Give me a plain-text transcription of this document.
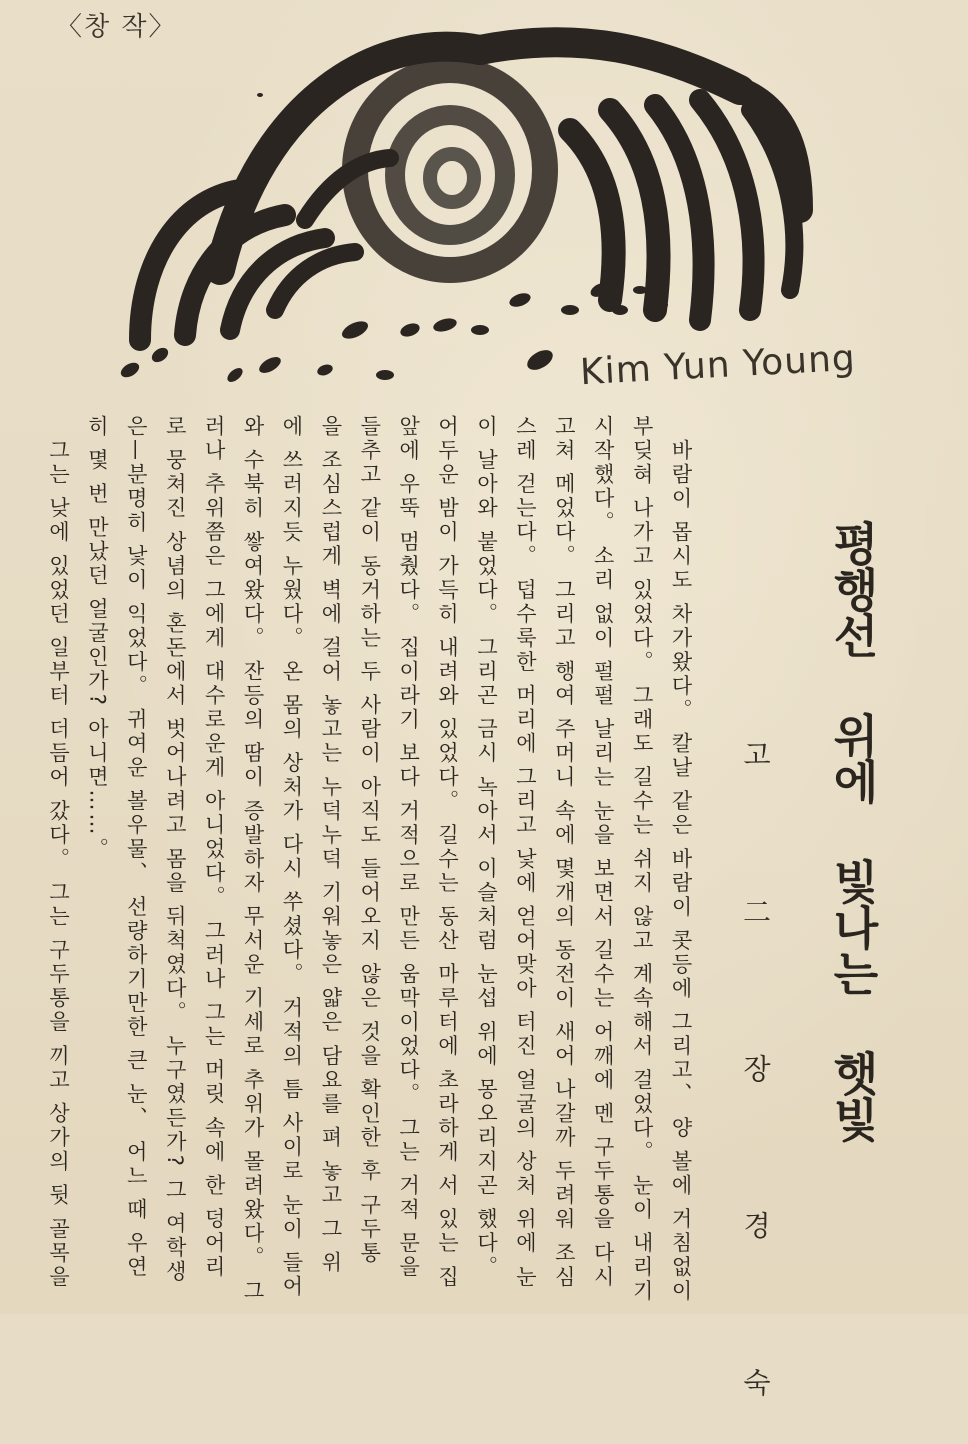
〈창 작〉
Kim Yun Young
평행선 위에 빛나는 햇빛
고 二 장 경 숙

바람이 몹시도 차가왔다。 칼날 같은 바람이 콧등에 그리고、 양 볼에 거침없이

부딪혀 나가고 있었다。 그래도 길수는 쉬지 않고 계속해서 걸었다。 눈이 내리기

시작했다。 소리 없이 펄펄 날리는 눈을 보면서 길수는 어깨에 멘 구두통을 다시

고쳐 메었다。 그리고 행여 주머니 속에 몇개의 동전이 새어 나갈까 두려워 조심

스레 걷는다。 덥수룩한 머리에 그리고 낯에 얻어맞아 터진 얼굴의 상처 위에 눈

이 날아와 붙었다。 그리곤 금시 녹아서 이슬처럼 눈섭 위에 몽오리지곤 했다。

어두운 밤이 가득히 내려와 있었다。 길수는 동산 마루터에 초라하게 서 있는 집

앞에 우뚝 멈췄다。 집이라기 보다 거적으로 만든 움막이었다。 그는 거적 문을

들추고 같이 동거하는 두 사람이 아직도 들어오지 않은 것을 확인한 후 구두통

을 조심스럽게 벽에 걸어 놓고는 누덕누덕 기워놓은 얇은 담요를 펴 놓고 그 위

에 쓰러지듯 누웠다。 온 몸의 상처가 다시 쑤셨다。 거적의 틈 사이로 눈이 들어

와 수북히 쌓여왔다。 잔등의 땀이 증발하자 무서운 기세로 추위가 몰려왔다。 그

러나 추위쯤은 그에게 대수로운게 아니었다。 그러나 그는 머릿 속에 한 덩어리

로 뭉쳐진 상념의 혼돈에서 벗어나려고 몸을 뒤척였다。 누구였든가? 그 여학생

은—분명히 낯이 익었다。 귀여운 볼우물、 선량하기만한 큰 눈、 어느 때 우연

히 몇 번 만났던 얼굴인가? 아니면……。

그는 낮에 있었던 일부터 더듬어 갔다。 그는 구두통을 끼고 상가의 뒷 골목을
